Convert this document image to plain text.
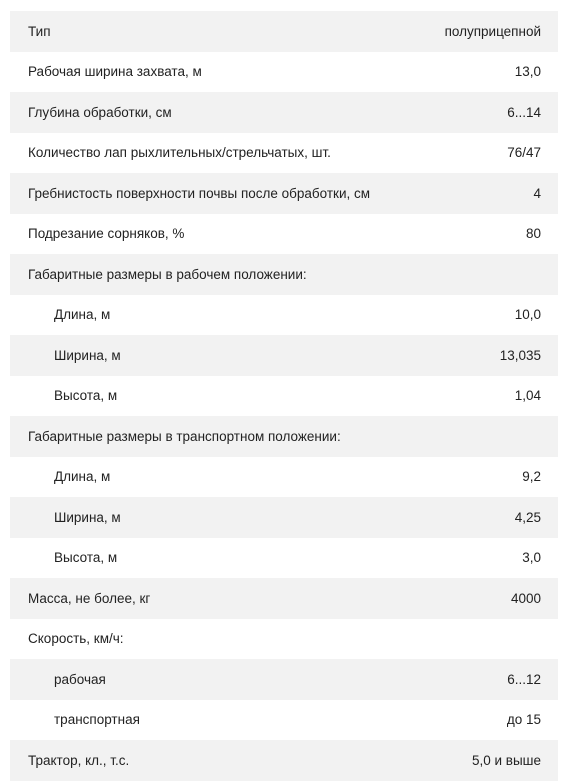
Тип	полуприцепной
Рабочая ширина захвата, м	13,0
Глубина обработки, см	6...14
Количество лап рыхлительных/стрельчатых, шт.	76/47
Гребнистость поверхности почвы после обработки, см	4
Подрезание сорняков, %	80
Габаритные размеры в рабочем положении:
Длина, м	10,0
Ширина, м	13,035
Высота, м	1,04
Габаритные размеры в транспортном положении:
Длина, м	9,2
Ширина, м	4,25
Высота, м	3,0
Масса, не более, кг	4000
Скорость, км/ч:
рабочая	6...12
транспортная	до 15
Трактор, кл., т.с.	5,0 и выше
